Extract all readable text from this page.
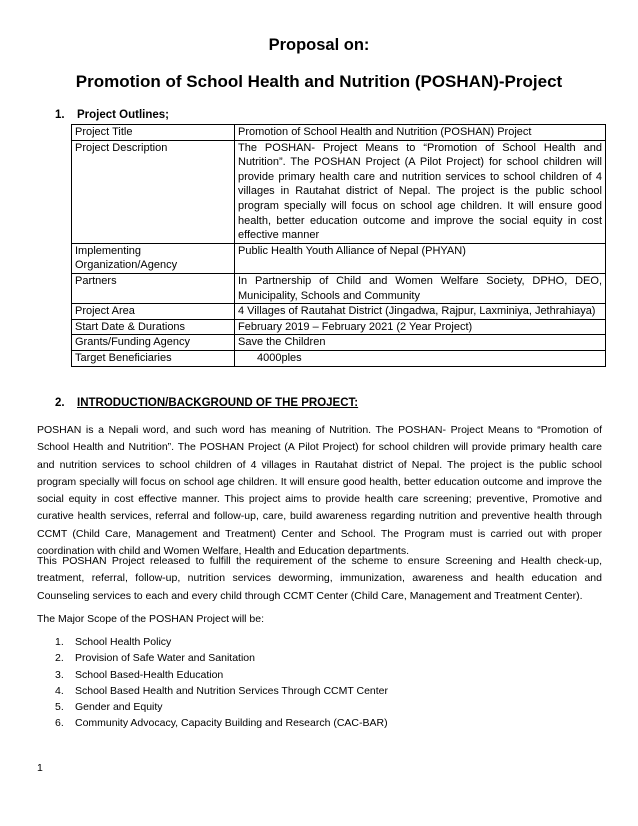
Proposal on:
Promotion of School Health and Nutrition (POSHAN)-Project
1. Project Outlines;
Project Title	Promotion of School Health and Nutrition (POSHAN) Project
Project Description	The POSHAN- Project Means to “Promotion of School Health and Nutrition”. The POSHAN Project (A Pilot Project) for school children will provide primary health care and nutrition services to school children of 4 villages in Rautahat district of Nepal. The project is the public school program specially will focus on school age children. It will ensure good health, better education outcome and improve the social equity in cost effective manner
Implementing Organization/Agency	Public Health Youth Alliance of Nepal (PHYAN)
Partners	In Partnership of Child and Women Welfare Society, DPHO, DEO, Municipality, Schools and Community
Project Area	4 Villages of Rautahat District (Jingadwa, Rajpur, Laxminiya, Jethrahiaya)
Start Date & Durations	February 2019 – February 2021 (2 Year Project)
Grants/Funding Agency	Save the Children
Target Beneficiaries	4000ples
2. INTRODUCTION/BACKGROUND OF THE PROJECT:

POSHAN is a Nepali word, and such word has meaning of Nutrition. The POSHAN- Project Means to “Promotion of School Health and Nutrition”. The POSHAN Project (A Pilot Project) for school children will provide primary health care and nutrition services to school children of 4 villages in Rautahat district of Nepal. The project is the public school program specially will focus on school age children. It will ensure good health, better education outcome and improve the social equity in cost effective manner. This project aims to provide health care screening; preventive, Promotive and curative health services, referral and follow-up, care, build awareness regarding nutrition and preventive health through CCMT (Child Care, Management and Treatment) Center and School. The Program must is carried out with proper coordination with child and Women Welfare, Health and Education departments.

This POSHAN Project released to fulfill the requirement of the scheme to ensure Screening and Health check-up, treatment, referral, follow-up, nutrition services deworming, immunization, awareness and health education and Counseling services to each and every child through CCMT Center (Child Care, Management and Treatment Center).

The Major Scope of the POSHAN Project will be:

1. School Health Policy
2. Provision of Safe Water and Sanitation
3. School Based-Health Education
4. School Based Health and Nutrition Services Through CCMT Center
5. Gender and Equity
6. Community Advocacy, Capacity Building and Research (CAC-BAR)
1
